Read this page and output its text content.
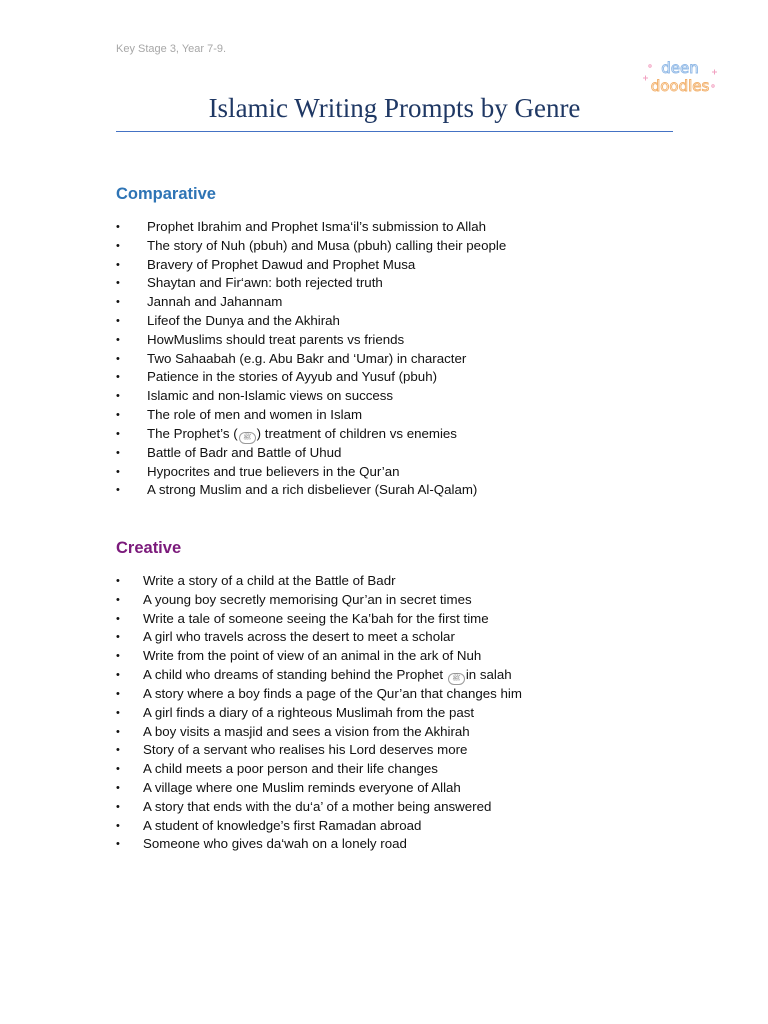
Key Stage 3, Year 7-9.
deen
doodles
Islamic Writing Prompts by Genre
Comparative
• Prophet Ibrahim and Prophet Isma‘il’s submission to Allah
• The story of Nuh (pbuh) and Musa (pbuh) calling their people
• Bravery of Prophet Dawud and Prophet Musa
• Shaytan and Fir‘awn: both rejected truth
• Jannah and Jahannam
• Lifeof the Dunya and the Akhirah
• HowMuslims should treat parents vs friends
• Two Sahaabah (e.g. Abu Bakr and ‘Umar) in character
• Patience in the stories of Ayyub and Yusuf (pbuh)
• Islamic and non-Islamic views on success
• The role of men and women in Islam
• The Prophet’s ( ﷺ ) treatment of children vs enemies
• Battle of Badr and Battle of Uhud
• Hypocrites and true believers in the Qur’an
• A strong Muslim and a rich disbeliever (Surah Al-Qalam)
Creative
• Write a story of a child at the Battle of Badr
• A young boy secretly memorising Qur’an in secret times
• Write a tale of someone seeing the Ka‛bah for the first time
• A girl who travels across the desert to meet a scholar
• Write from the point of view of an animal in the ark of Nuh
• A child who dreams of standing behind the Prophet ﷺ in salah
• A story where a boy finds a page of the Qur’an that changes him
• A girl finds a diary of a righteous Muslimah from the past
• A boy visits a masjid and sees a vision from the Akhirah
• Story of a servant who realises his Lord deserves more
• A child meets a poor person and their life changes
• A village where one Muslim reminds everyone of Allah
• A story that ends with the du‘a’ of a mother being answered
• A student of knowledge’s first Ramadan abroad
• Someone who gives da‘wah on a lonely road
